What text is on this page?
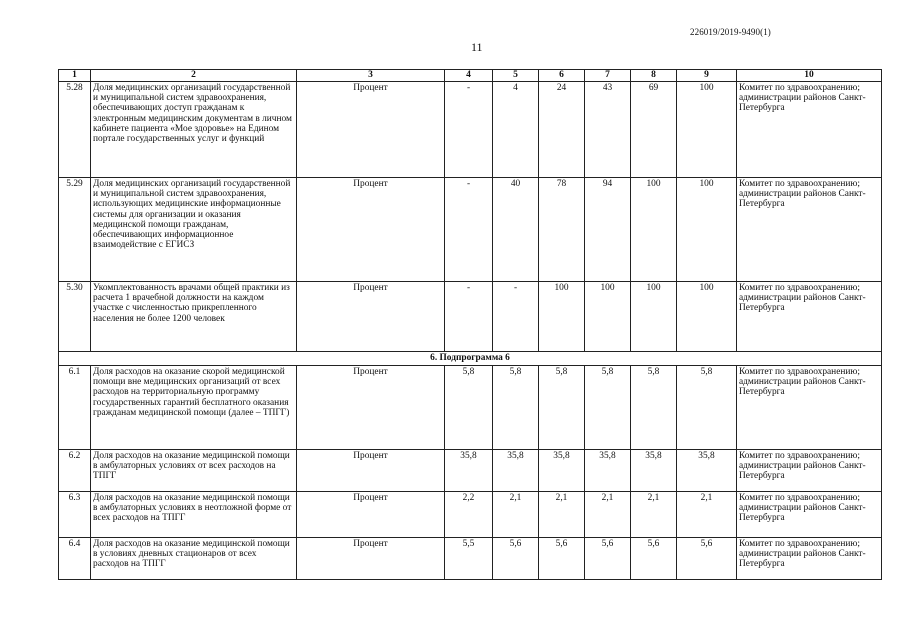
226019/2019-9490(1)
11
1	2	3	4	5	6	7	8	9	10
5.28	Доля медицинских организаций государственной и муниципальной систем здравоохранения, обеспечивающих доступ гражданам к электронным медицинским документам в личном кабинете пациента «Мое здоровье» на Едином портале государственных услуг и функций	Процент	-	4	24	43	69	100	Комитет по здравоохранению; администрации районов Санкт-Петербурга
5.29	Доля медицинских организаций государственной и муниципальной систем здравоохранения, использующих медицинские информационные системы для организации и оказания медицинской помощи гражданам, обеспечивающих информационное взаимодействие с ЕГИСЗ	Процент	-	40	78	94	100	100	Комитет по здравоохранению; администрации районов Санкт-Петербурга
5.30	Укомплектованность врачами общей практики из расчета 1 врачебной должности на каждом участке с численностью прикрепленного населения не более 1200 человек	Процент	-	-	100	100	100	100	Комитет по здравоохранению; администрации районов Санкт-Петербурга
6. Подпрограмма 6									
6.1	Доля расходов на оказание скорой медицинской помощи вне медицинских организаций от всех расходов на территориальную программу государственных гарантий бесплатного оказания гражданам медицинской помощи (далее – ТПГГ)	Процент	5,8	5,8	5,8	5,8	5,8	5,8	Комитет по здравоохранению; администрации районов Санкт-Петербурга
6.2	Доля расходов на оказание медицинской помощи в амбулаторных условиях от всех расходов на ТПГГ	Процент	35,8	35,8	35,8	35,8	35,8	35,8	Комитет по здравоохранению; администрации районов Санкт-Петербурга
6.3	Доля расходов на оказание медицинской помощи в амбулаторных условиях в неотложной форме от всех расходов на ТПГГ	Процент	2,2	2,1	2,1	2,1	2,1	2,1	Комитет по здравоохранению; администрации районов Санкт-Петербурга
6.4	Доля расходов на оказание медицинской помощи в условиях дневных стационаров от всех расходов на ТПГГ	Процент	5,5	5,6	5,6	5,6	5,6	5,6	Комитет по здравоохранению; администрации районов Санкт-Петербурга
